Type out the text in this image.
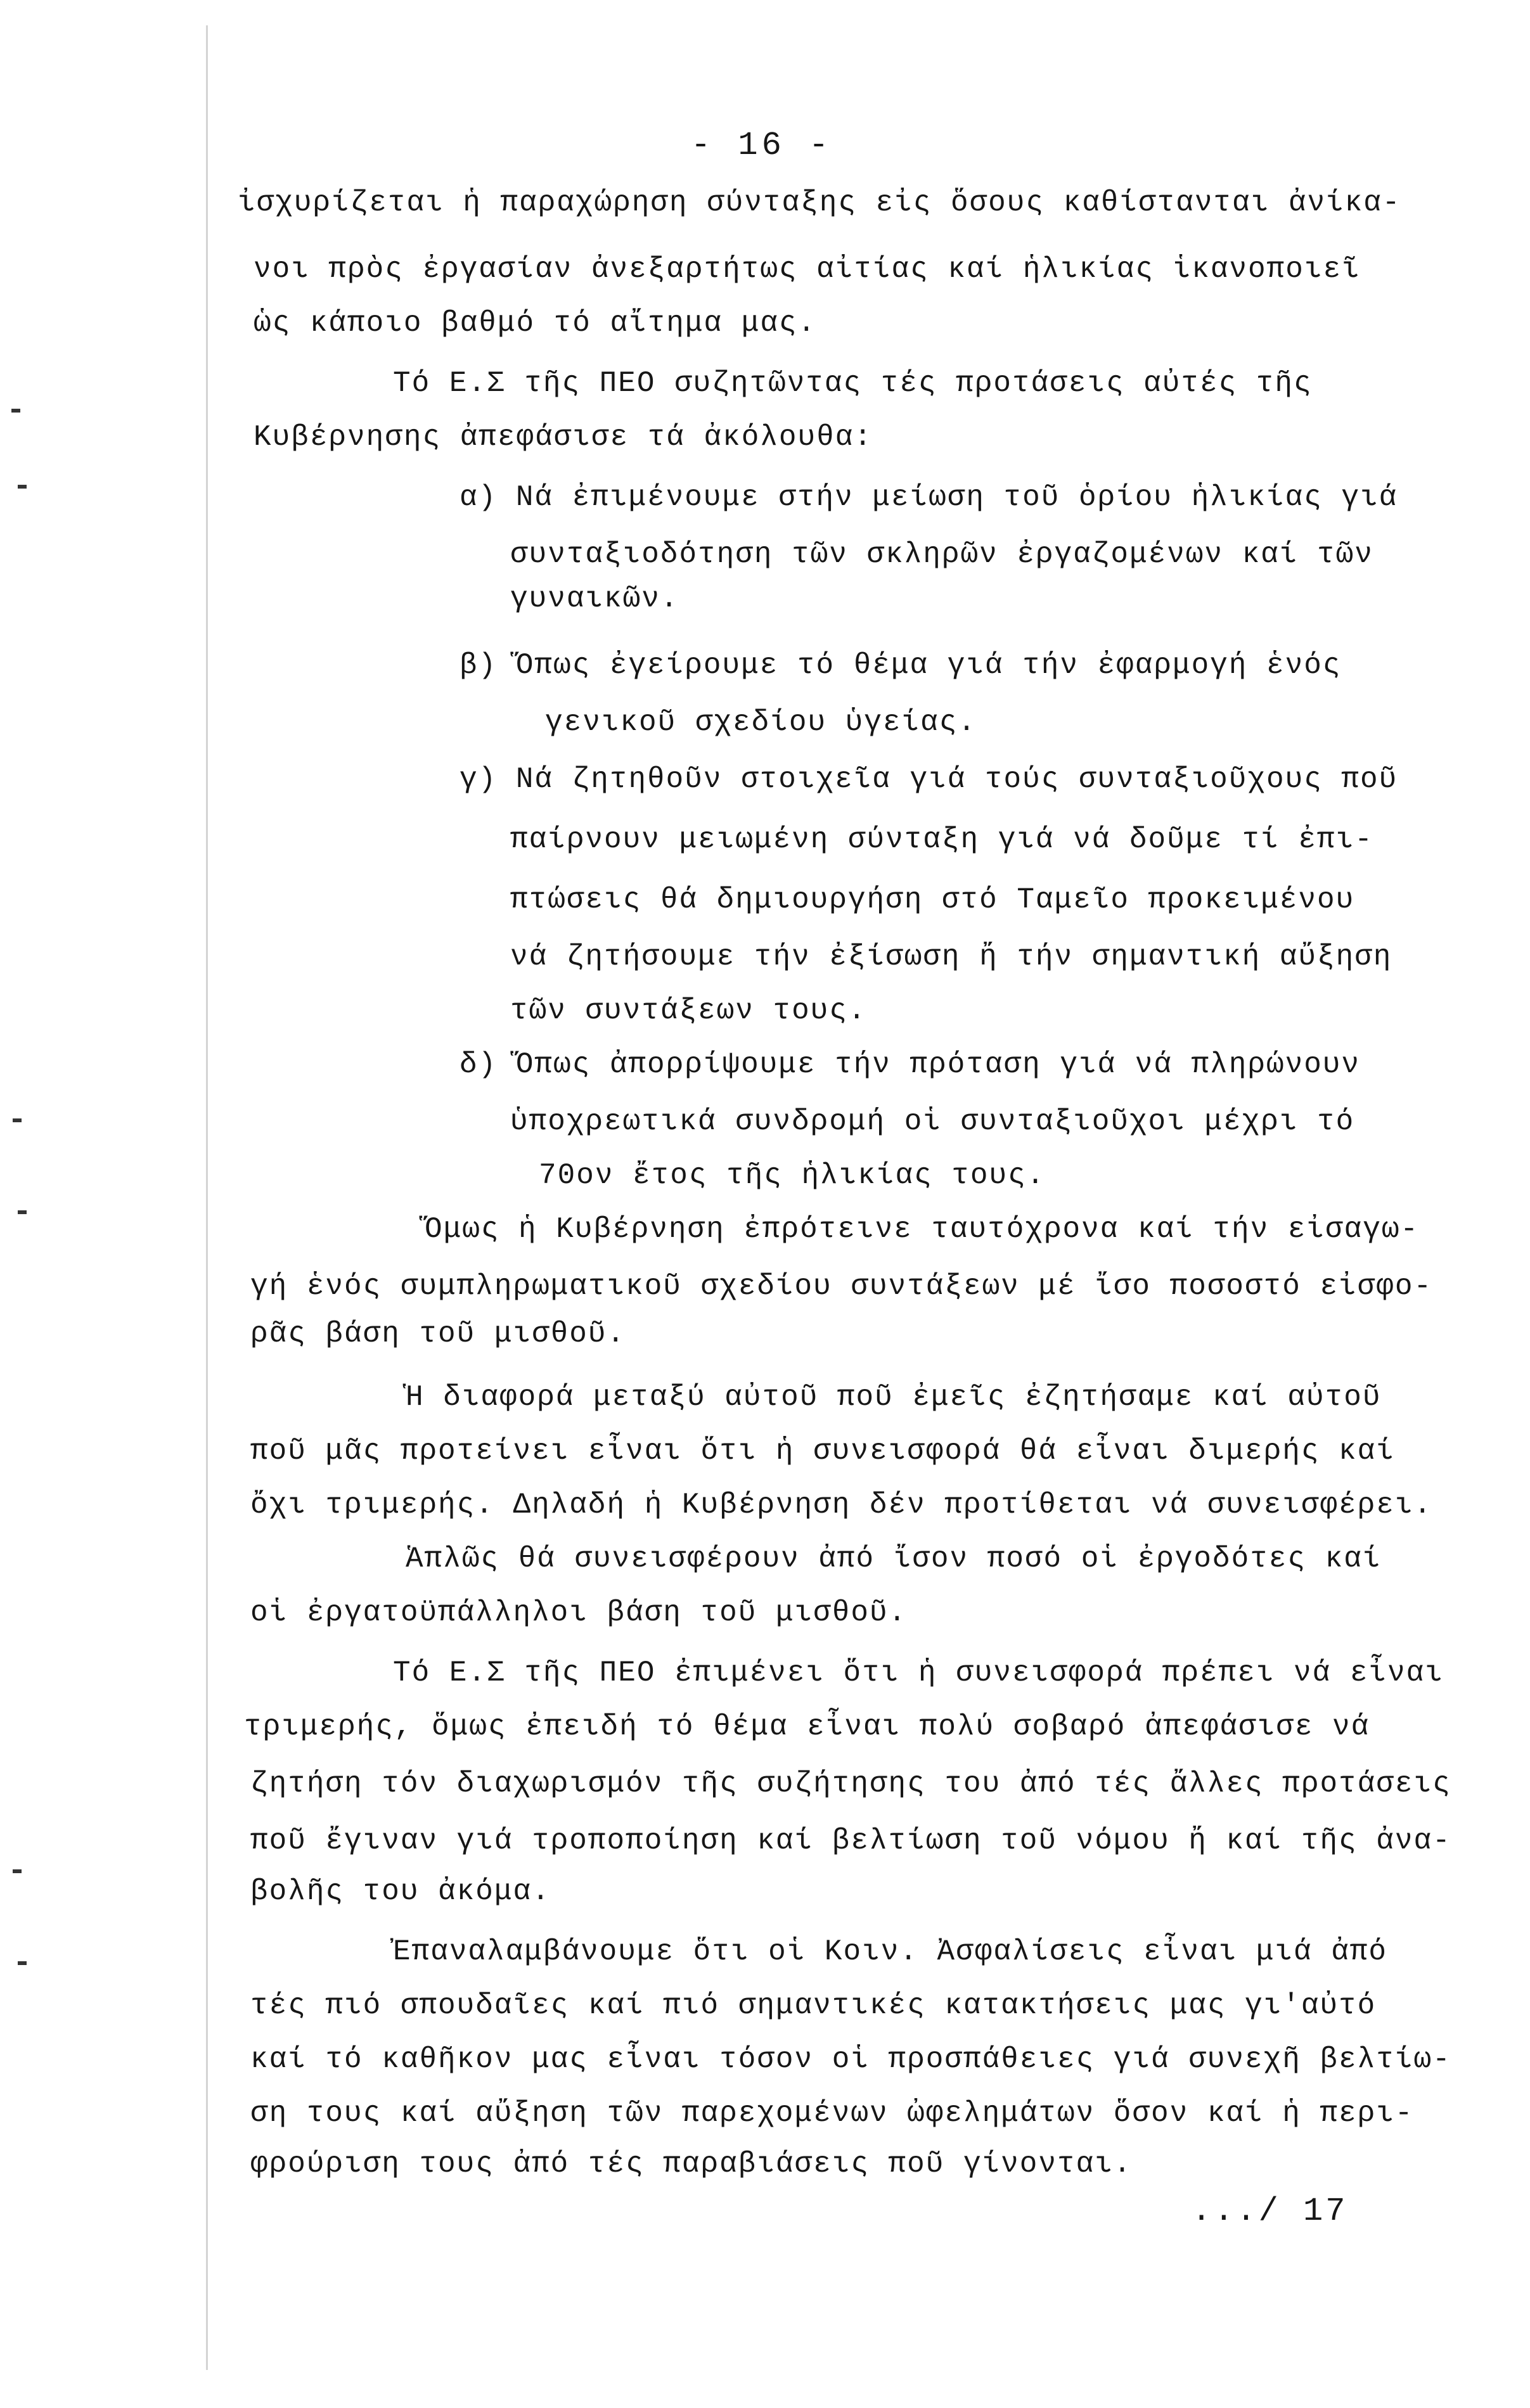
- 16 -
ἰσχυρίζεται ἡ παραχώρηση σύνταξης εἰς ὅσους καθίστανται ἀνίκα-
νοι πρὸς ἐργασίαν ἀνεξαρτήτως αἰτίας καί ἡλικίας ἱκανοποιεῖ
ὡς κάποιο βαθμό τό αἴτημα μας.
Τό Ε.Σ τῆς ΠΕΟ συζητῶντας τές προτάσεις αὐτές τῆς
Κυβέρνησης ἀπεφάσισε τά ἀκόλουθα:
α) Νά ἐπιμένουμε στήν μείωση τοῦ ὁρίου ἡλικίας γιά
συνταξιοδότηση τῶν σκληρῶν ἐργαζομένων καί τῶν
γυναικῶν.
β) Ὅπως ἐγείρουμε τό θέμα γιά τήν ἐφαρμογή ἑνός
γενικοῦ σχεδίου ὑγείας.
γ) Νά ζητηθοῦν στοιχεῖα γιά τούς συνταξιοῦχους ποῦ
παίρνουν μειωμένη σύνταξη γιά νά δοῦμε τί ἐπι-
πτώσεις θά δημιουργήση στό Ταμεῖο προκειμένου
νά ζητήσουμε τήν ἐξίσωση ἤ τήν σημαντική αὔξηση
τῶν συντάξεων τους.
δ) Ὅπως ἀπορρίψουμε τήν πρόταση γιά νά πληρώνουν
ὑποχρεωτικά συνδρομή οἱ συνταξιοῦχοι μέχρι τό
70ον ἔτος τῆς ἡλικίας τους.
Ὅμως ἡ Κυβέρνηση ἐπρότεινε ταυτόχρονα καί τήν εἰσαγω-
γή ἑνός συμπληρωματικοῦ σχεδίου συντάξεων μέ ἴσο ποσοστό εἰσφο-
ρᾶς βάση τοῦ μισθοῦ.
Ἡ διαφορά μεταξύ αὐτοῦ ποῦ ἐμεῖς ἐζητήσαμε καί αὐτοῦ
ποῦ μᾶς προτείνει εἶναι ὅτι ἡ συνεισφορά θά εἶναι διμερής καί
ὄχι τριμερής. Δηλαδή ἡ Κυβέρνηση δέν προτίθεται νά συνεισφέρει.
Ἁπλῶς θά συνεισφέρουν ἀπό ἴσον ποσό οἱ ἐργοδότες καί
οἱ ἐργατοϋπάλληλοι βάση τοῦ μισθοῦ.
Τό Ε.Σ τῆς ΠΕΟ ἐπιμένει ὅτι ἡ συνεισφορά πρέπει νά εἶναι
τριμερής, ὅμως ἐπειδή τό θέμα εἶναι πολύ σοβαρό ἀπεφάσισε νά
ζητήση τόν διαχωρισμόν τῆς συζήτησης του ἀπό τές ἄλλες προτάσεις
ποῦ ἔγιναν γιά τροποποίηση καί βελτίωση τοῦ νόμου ἤ καί τῆς ἀνα-
βολῆς του ἀκόμα.
Ἐπαναλαμβάνουμε ὅτι οἱ Κοιν. Ἀσφαλίσεις εἶναι μιά ἀπό
τές πιό σπουδαῖες καί πιό σημαντικές κατακτήσεις μας γι'αὐτό
καί τό καθῆκον μας εἶναι τόσον οἱ προσπάθειες γιά συνεχῆ βελτίω-
ση τους καί αὔξηση τῶν παρεχομένων ὠφελημάτων ὅσον καί ἡ περι-
φρούριση τους ἀπό τές παραβιάσεις ποῦ γίνονται.
.../ 17
